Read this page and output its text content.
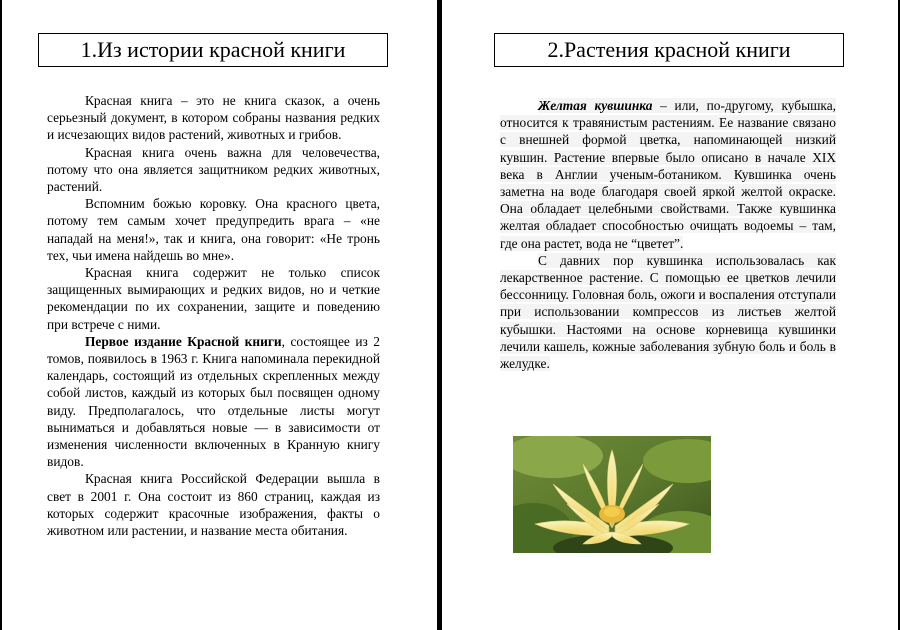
1.Из истории красной книги

Красная книга – это не книга сказок, а очень серьезный документ, в котором собраны названия редких и исчезающих видов растений, животных и грибов.

Красная книга очень важна для человечества, потому что она является защитником редких животных, растений.

Вспомним божью коровку. Она красного цвета, потому тем самым хочет предупредить врага – «не нападай на меня!», так и книга, она говорит: «Не тронь тех, чьи имена найдешь во мне».

Красная книга содержит не только список защищенных вымирающих и редких видов, но и четкие рекомендации по их сохранении, защите и поведению при встрече с ними.

Первое издание Красной книги, состоящее из 2 томов, появилось в 1963 г. Книга напоминала перекидной календарь, состоящий из отдельных скрепленных между собой листов, каждый из которых был посвящен одному виду. Предполагалось, что отдельные листы могут выниматься и добавляться новые — в зависимости от изменения численности включенных в Кранную книгу видов.

Красная книга Российской Федерации вышла в свет в 2001 г. Она состоит из 860 страниц, каждая из которых содержит красочные изображения, факты о животном или растении, и название места обитания.

2.Растения красной книги

Желтая кувшинка – или, по-другому, кубышка, относится к травянистым растениям. Ее название связано с внешней формой цветка, напоминающей низкий кувшин. Растение впервые было описано в начале XIX века в Англии ученым-ботаником. Кувшинка очень заметна на воде благодаря своей яркой желтой окраске. Она обладает целебными свойствами. Также кувшинка желтая обладает способностью очищать водоемы – там, где она растет, вода не “цветет”.

С давних пор кувшинка использовалась как лекарственное растение. С помощью ее цветков лечили бессонницу. Головная боль, ожоги и воспаления отступали при использовании компрессов из листьев желтой кубышки. Настоями на основе корневища кувшинки лечили кашель, кожные заболевания зубную боль и боль в желудке.
